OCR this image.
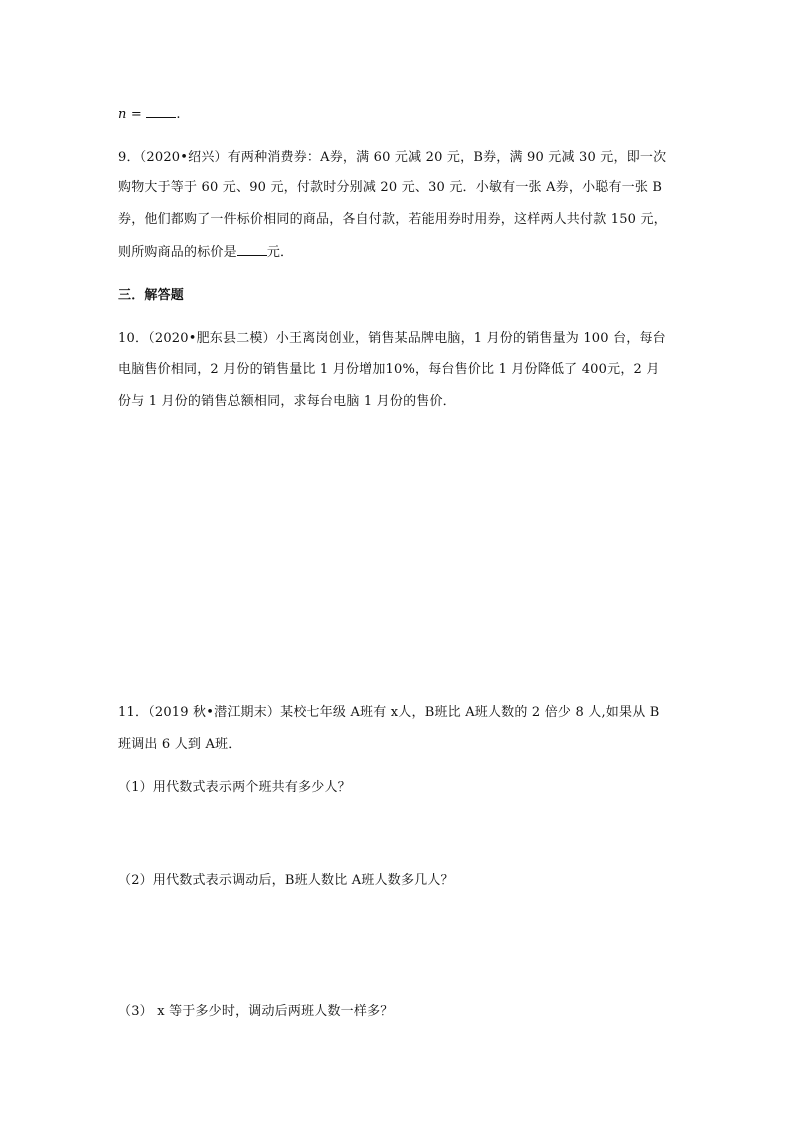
n = .
9．（2020•绍兴）有两种消费券：A券，满 60 元减 20 元，B券，满 90 元减 30 元，即一次
购物大于等于 60 元、90 元，付款时分别减 20 元、30 元．小敏有一张 A券，小聪有一张 B
券，他们都购了一件标价相同的商品，各自付款，若能用券时用券，这样两人共付款 150 元，
则所购商品的标价是 元．
三．解答题
10．（2020•肥东县二模）小王离岗创业，销售某品牌电脑，1 月份的销售量为 100 台，每台
电脑售价相同，2 月份的销售量比 1 月份增加10%，每台售价比 1 月份降低了 400元，2 月
份与 1 月份的销售总额相同，求每台电脑 1 月份的售价．
11．（2019 秋•潜江期末）某校七年级 A班有 x人，B班比 A班人数的 2 倍少 8 人,如果从 B
班调出 6 人到 A班．
（1）用代数式表示两个班共有多少人？
（2）用代数式表示调动后，B班人数比 A班人数多几人？
（3） x 等于多少时，调动后两班人数一样多？
